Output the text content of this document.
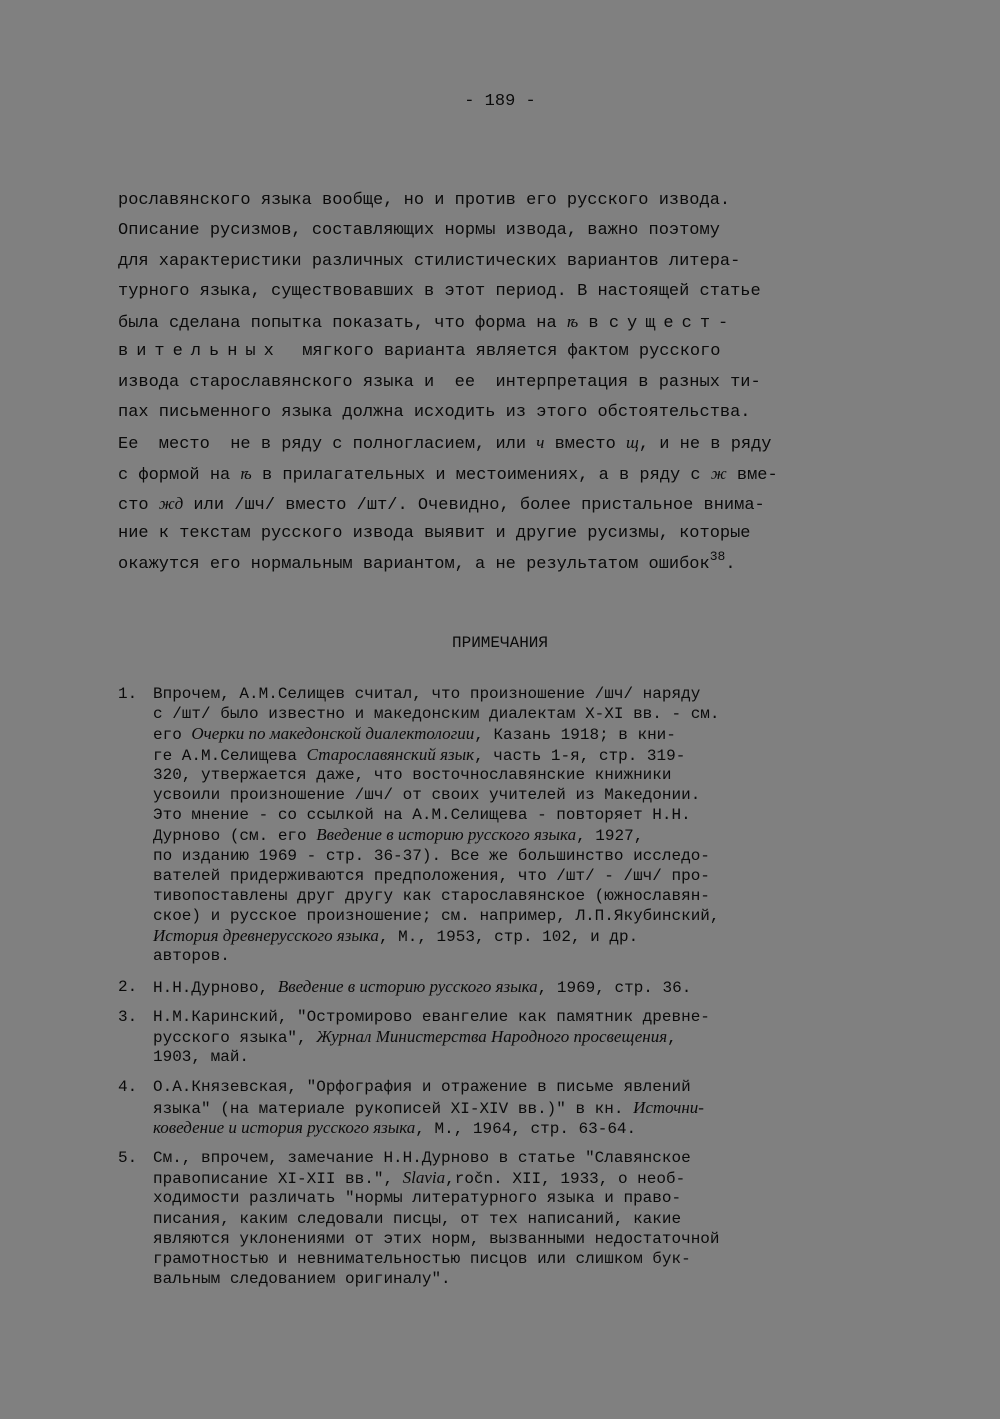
- 189 -
рославянского языка вообще, но и против его русского извода.
Описание русизмов, составляющих нормы извода, важно поэтому
для характеристики различных стилистических вариантов литера-
турного языка, существовавших в этот период. В настоящей статье
была сделана попытка показать, что форма на ѣ в сущест-
вительных  мягкого варианта является фактом русского
извода старославянского языка и  ее  интерпретация в разных ти-
пах письменного языка должна исходить из этого обстоятельства.
Ее  место  не в ряду с полногласием, или ч вместо щ, и не в ряду
с формой на ѣ в прилагательных и местоимениях, а в ряду с ж вме-
сто жд или /шч/ вместо /шт/. Очевидно, более пристальное внима-
ние к текстам русского извода выявит и другие русизмы, которые
окажутся его нормальным вариантом, а не результатом ошибок$^{38}$.
ПРИМЕЧАНИЯ
1. Впрочем, А.М.Селищев считал, что произношение /шч/ наряду
с /шт/ было известно и македонским диалектам X-XI вв. - см.
его Очерки по македонской диалектологии, Казань 1918; в кни-
ге А.М.Селищева Старославянский язык, часть 1-я, стр. 319-
320, утвержается даже, что восточнославянские книжники
усвоили произношение /шч/ от своих учителей из Македонии.
Это мнение - со ссылкой на А.М.Селищева - повторяет Н.Н.
Дурново (см. его Введение в историю русского языка, 1927,
по изданию 1969 - стр. 36-37). Все же большинство исследо-
вателей придерживаются предположения, что /шт/ - /шч/ про-
тивопоставлены друг другу как старославянское (южнославян-
ское) и русское произношение; см. например, Л.П.Якубинский,
История древнерусского языка, М., 1953, стр. 102, и др.
авторов.
2. Н.Н.Дурново, Введение в историю русского языка, 1969, стр. 36.
3. Н.М.Каринский, "Остромирово евангелие как памятник древне-
русского языка", Журнал Министерства Народного просвещения,
1903, май.
4. О.А.Князевская, "Орфография и отражение в письме явлений
языка" (на материале рукописей XI-XIV вв.)" в кн. Источни-
коведение и история русского языка, М., 1964, стр. 63-64.
5. См., впрочем, замечание Н.Н.Дурново в статье "Славянское
правописание XI-XII вв.", Slavia,ročn. XII, 1933, о необ-
ходимости различать "нормы литературного языка и право-
писания, каким следовали писцы, от тех написаний, какие
являются уклонениями от этих норм, вызванными недостаточной
грамотностью и невнимательностью писцов или слишком бук-
вальным следованием оригиналу".
